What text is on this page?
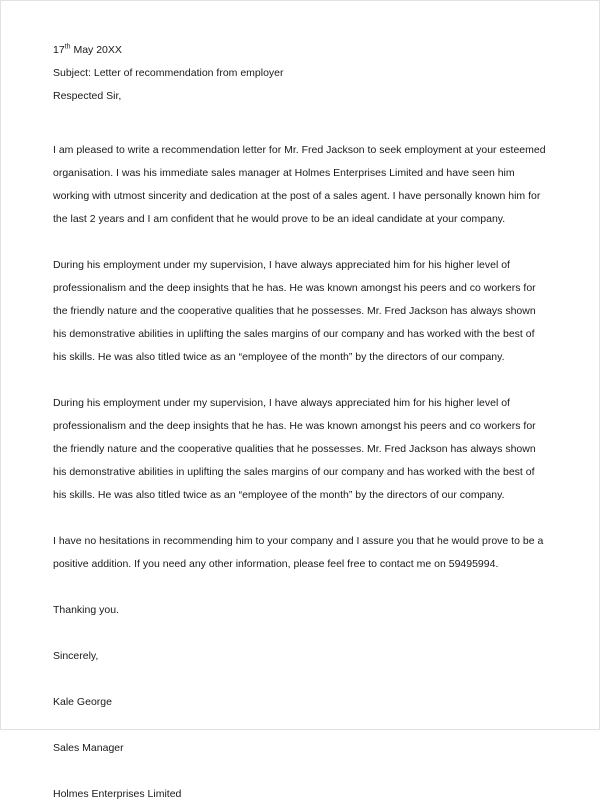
17th May 20XX
Subject: Letter of recommendation from employer
Respected Sir,

I am pleased to write a recommendation letter for Mr. Fred Jackson to seek employment at your esteemed organisation. I was his immediate sales manager at Holmes Enterprises Limited and have seen him working with utmost sincerity and dedication at the post of a sales agent. I have personally known him for the last 2 years and I am confident that he would prove to be an ideal candidate at your company.

During his employment under my supervision, I have always appreciated him for his higher level of professionalism and the deep insights that he has. He was known amongst his peers and co workers for the friendly nature and the cooperative qualities that he possesses. Mr. Fred Jackson has always shown his demonstrative abilities in uplifting the sales margins of our company and has worked with the best of his skills. He was also titled twice as an “employee of the month” by the directors of our company.

During his employment under my supervision, I have always appreciated him for his higher level of professionalism and the deep insights that he has. He was known amongst his peers and co workers for the friendly nature and the cooperative qualities that he possesses. Mr. Fred Jackson has always shown his demonstrative abilities in uplifting the sales margins of our company and has worked with the best of his skills. He was also titled twice as an “employee of the month” by the directors of our company.

I have no hesitations in recommending him to your company and I assure you that he would prove to be a positive addition. If you need any other information, please feel free to contact me on 59495994.

Thanking you.
Sincerely,
Kale George
Sales Manager
Holmes Enterprises Limited
